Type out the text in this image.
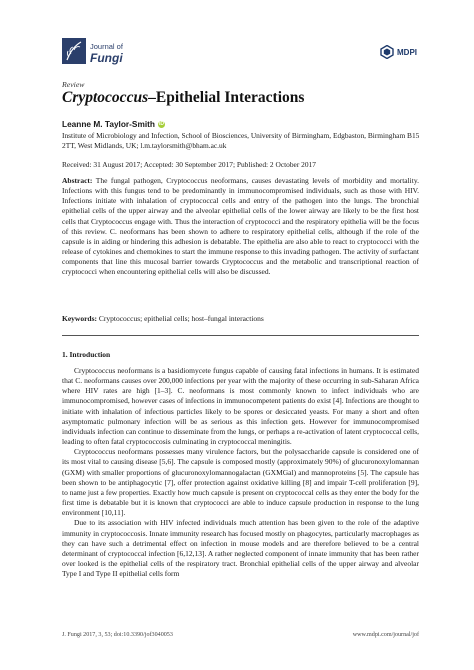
Journal of
Fungi	MDPI
Review
Cryptococcus–Epithelial Interactions
Leanne M. Taylor-Smith iD
Institute of Microbiology and Infection, School of Biosciences, University of Birmingham, Edgbaston, Birmingham B15 2TT, West Midlands, UK; l.m.taylorsmith@bham.ac.uk
Received: 31 August 2017; Accepted: 30 September 2017; Published: 2 October 2017
Abstract: The fungal pathogen, Cryptococcus neoformans, causes devastating levels of morbidity and mortality. Infections with this fungus tend to be predominantly in immunocompromised individuals, such as those with HIV. Infections initiate with inhalation of cryptococcal cells and entry of the pathogen into the lungs. The bronchial epithelial cells of the upper airway and the alveolar epithelial cells of the lower airway are likely to be the first host cells that Cryptococcus engage with. Thus the interaction of cryptococci and the respiratory epithelia will be the focus of this review. C. neoformans has been shown to adhere to respiratory epithelial cells, although if the role of the capsule is in aiding or hindering this adhesion is debatable. The epithelia are also able to react to cryptococci with the release of cytokines and chemokines to start the immune response to this invading pathogen. The activity of surfactant components that line this mucosal barrier towards Cryptococcus and the metabolic and transcriptional reaction of cryptococci when encountering epithelial cells will also be discussed.
Keywords: Cryptococcus; epithelial cells; host–fungal interactions
1. Introduction

Cryptococcus neoformans is a basidiomycete fungus capable of causing fatal infections in humans. It is estimated that C. neoformans causes over 200,000 infections per year with the majority of these occurring in sub-Saharan Africa where HIV rates are high [1–3]. C. neoformans is most commonly known to infect individuals who are immunocompromised, however cases of infections in immunocompetent patients do exist [4]. Infections are thought to initiate with inhalation of infectious particles likely to be spores or desiccated yeasts. For many a short and often asymptomatic pulmonary infection will be as serious as this infection gets. However for immunocompromised individuals infection can continue to disseminate from the lungs, or perhaps a re-activation of latent cryptococcal cells, leading to often fatal cryptococcosis culminating in cryptococcal meningitis.

Cryptococcus neoformans possesses many virulence factors, but the polysaccharide capsule is considered one of its most vital to causing disease [5,6]. The capsule is composed mostly (approximately 90%) of glucuronoxylomannan (GXM) with smaller proportions of glucuronoxylomannogalactan (GXMGal) and mannoproteins [5]. The capsule has been shown to be antiphagocytic [7], offer protection against oxidative killing [8] and impair T-cell proliferation [9], to name just a few properties. Exactly how much capsule is present on cryptococcal cells as they enter the body for the first time is debatable but it is known that cryptococci are able to induce capsule production in response to the lung environment [10,11].

Due to its association with HIV infected individuals much attention has been given to the role of the adaptive immunity in cryptococcosis. Innate immunity research has focused mostly on phagocytes, particularly macrophages as they can have such a detrimental effect on infection in mouse models and are therefore believed to be a central determinant of cryptococcal infection [6,12,13]. A rather neglected component of innate immunity that has been rather over looked is the epithelial cells of the respiratory tract. Bronchial epithelial cells of the upper airway and alveolar Type I and Type II epithelial cells form

J. Fungi 2017, 3, 53; doi:10.3390/jof3040053	www.mdpi.com/journal/jof
